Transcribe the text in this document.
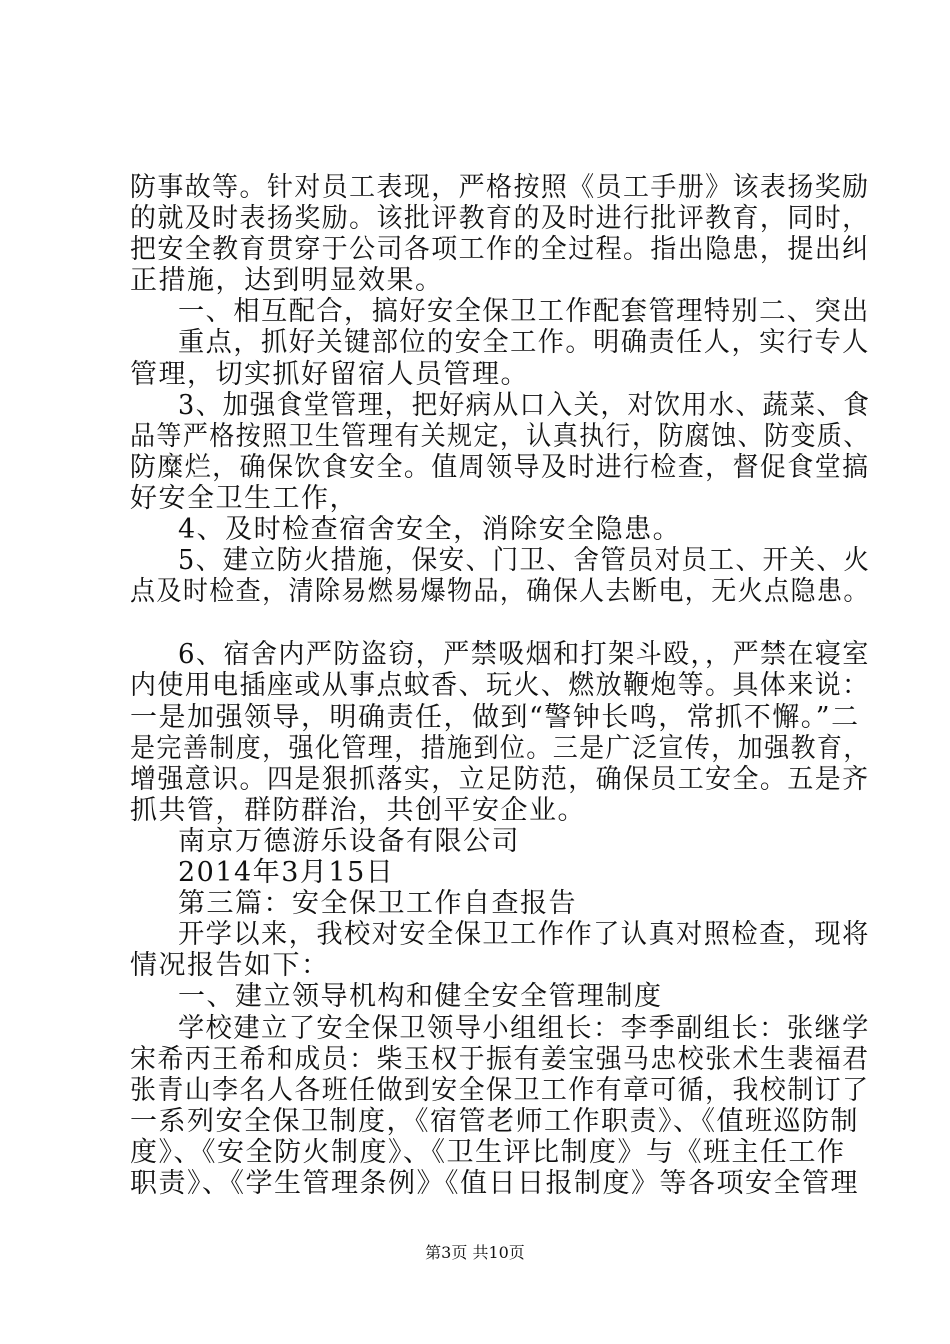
防事故等。针对员工表现，严格按照《员工手册》该表扬奖励
的就及时表扬奖励。该批评教育的及时进行批评教育，同时，
把安全教育贯穿于公司各项工作的全过程。指出隐患，提出纠
正措施，达到明显效果。
一、相互配合，搞好安全保卫工作配套管理特别二、突出
重点，抓好关键部位的安全工作。明确责任人，实行专人
管理，切实抓好留宿人员管理。
3、加强食堂管理，把好病从口入关，对饮用水、蔬菜、食
品等严格按照卫生管理有关规定，认真执行，防腐蚀、防变质、
防糜烂，确保饮食安全。值周领导及时进行检查，督促食堂搞
好安全卫生工作，
4、及时检查宿舍安全，消除安全隐患。
5、建立防火措施，保安、门卫、舍管员对员工、开关、火
点及时检查，清除易燃易爆物品，确保人去断电，无火点隐患。
6、宿舍内严防盗窃，严禁吸烟和打架斗殴，，严禁在寝室
内使用电插座或从事点蚊香、玩火、燃放鞭炮等。具体来说：
一是加强领导，明确责任，做到“警钟长鸣，常抓不懈。”二
是完善制度，强化管理，措施到位。三是广泛宣传，加强教育，
增强意识。四是狠抓落实，立足防范，确保员工安全。五是齐
抓共管，群防群治，共创平安企业。
南京万德游乐设备有限公司
2014年3月15日
第三篇：安全保卫工作自查报告
开学以来，我校对安全保卫工作作了认真对照检查，现将
情况报告如下：
一、建立领导机构和健全安全管理制度
学校建立了安全保卫领导小组组长：李季副组长：张继学
宋希丙王希和成员：柴玉权于振有姜宝强马忠校张术生裴福君
张青山李名人各班任做到安全保卫工作有章可循，我校制订了
一系列安全保卫制度，《宿管老师工作职责》、《值班巡防制
度》、《安全防火制度》、《卫生评比制度》与《班主任工作
职责》、《学生管理条例》《值日日报制度》等各项安全管理
第3页 共10页
